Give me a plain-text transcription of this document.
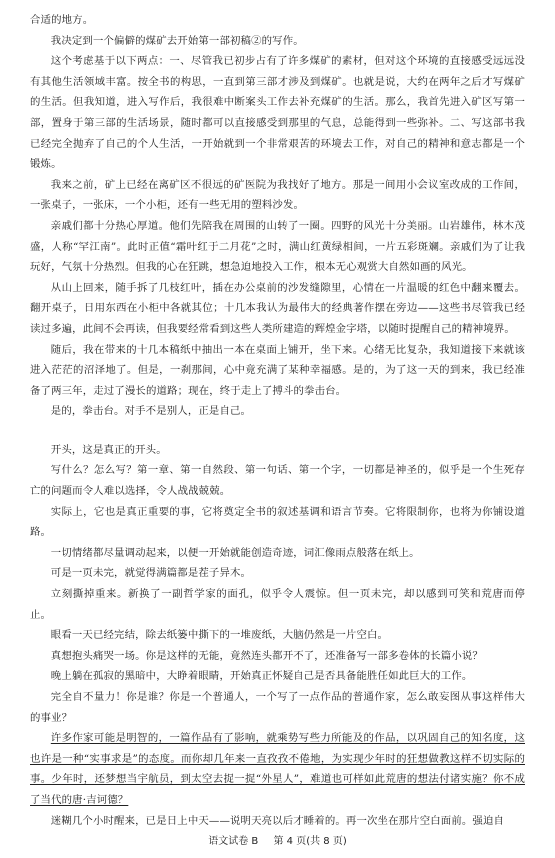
合适的地方。

我决定到一个偏僻的煤矿去开始第一部初稿②的写作。

这个考虑基于以下两点：一、尽管我已初步占有了许多煤矿的素材，但对这个环境的直接感受远远没有其他生活领域丰富。按全书的构思，一直到第三部才涉及到煤矿。也就是说，大约在两年之后才写煤矿的生活。但我知道，进入写作后，我很难中断案头工作去补充煤矿的生活。那么，我首先进入矿区写第一部，置身于第三部的生活场景，随时都可以直接感受到那里的气息，总能得到一些弥补。二、写这部书我已经完全抛弃了自己的个人生活，一开始就到一个非常艰苦的环境去工作，对自己的精神和意志都是一个锻炼。

我来之前，矿上已经在离矿区不很远的矿医院为我找好了地方。那是一间用小会议室改成的工作间，一张桌子，一张床，一个小柜，还有一些无用的塑料沙发。

亲戚们都十分热心厚道。他们先陪我在周围的山转了一圈。四野的风光十分美丽。山岩雄伟，林木茂盛，人称“罕江南”。此时正值“霜叶红于二月花”之时，满山红黄绿相间，一片五彩斑斓。亲戚们为了让我玩好，气氛十分热烈。但我的心在狂跳，想急迫地投入工作，根本无心观赏大自然如画的风光。

从山上回来，随手拆了几枝红叶，插在办公桌前的沙发缝隙里，心情在一片温暖的红色中翻来覆去。翻开桌子，日用东西在小柜中各就其位；十几本我认为最伟大的经典著作摆在旁边——这些书尽管我已经读过多遍，此间不会再读，但我要经常看到这些人类所建造的辉煌金字塔，以随时提醒自己的精神境界。

随后，我在带来的十几本稿纸中抽出一本在桌面上铺开，坐下来。心绪无比复杂，我知道接下来就该进入茫茫的沼泽地了。但是，一刹那间，心中竟充满了某种幸福感。是的，为了这一天的到来，我已经准备了两三年，走过了漫长的道路；现在，终于走上了搏斗的拳击台。

是的，拳击台。对手不是别人，正是自己。

开头，这是真正的开头。

写什么？怎么写？第一章、第一自然段、第一句话、第一个字，一切都是神圣的，似乎是一个生死存亡的问题而令人难以选择，令人战战兢兢。

实际上，它也是真正重要的事，它将奠定全书的叙述基调和语言节奏。它将限制你，也将为你铺设道路。

一切情绪都尽量调动起来，以便一开始就能创造奇迹，词汇像雨点般落在纸上。

可是一页未完，就觉得满篇都是茬子异木。

立刻撕掉重来。新换了一副哲学家的面孔，似乎令人震惊。但一页未完，却以感到可笑和荒唐而停止。

眼看一天已经完结，除去纸篓中撕下的一堆废纸，大脑仍然是一片空白。

真想抱头痛哭一场。你是这样的无能，竟然连头都开不了，还准备写一部多卷体的长篇小说？

晚上躺在孤寂的黑暗中，大睁着眼睛，开始真正怀疑自己是否具备能胜任如此巨大的工作。

完全自不量力！你是谁？你是一个普通人，一个写了一点作品的普通作家，怎么敢妄图从事这样伟大的事业？

许多作家可能是明智的，一篇作品有了影响，就乘势写些力所能及的作品，以巩固自己的知名度，这也许是一种“实事求是”的态度。而你却几年来一直孜孜不倦地，为实现少年时的狂想做教这样不切实际的事。少年时，还梦想当宇航员，到太空去捉一捉“外星人”，难道也可样如此荒唐的想法付诸实施？你不成了当代的唐·吉诃德？

迷糊几个小时醒来，已是日上中天——说明天亮以后才睡着的。再一次坐在那片空白面前。强迫自

语文试卷 B 第 4 页(共 8 页)
